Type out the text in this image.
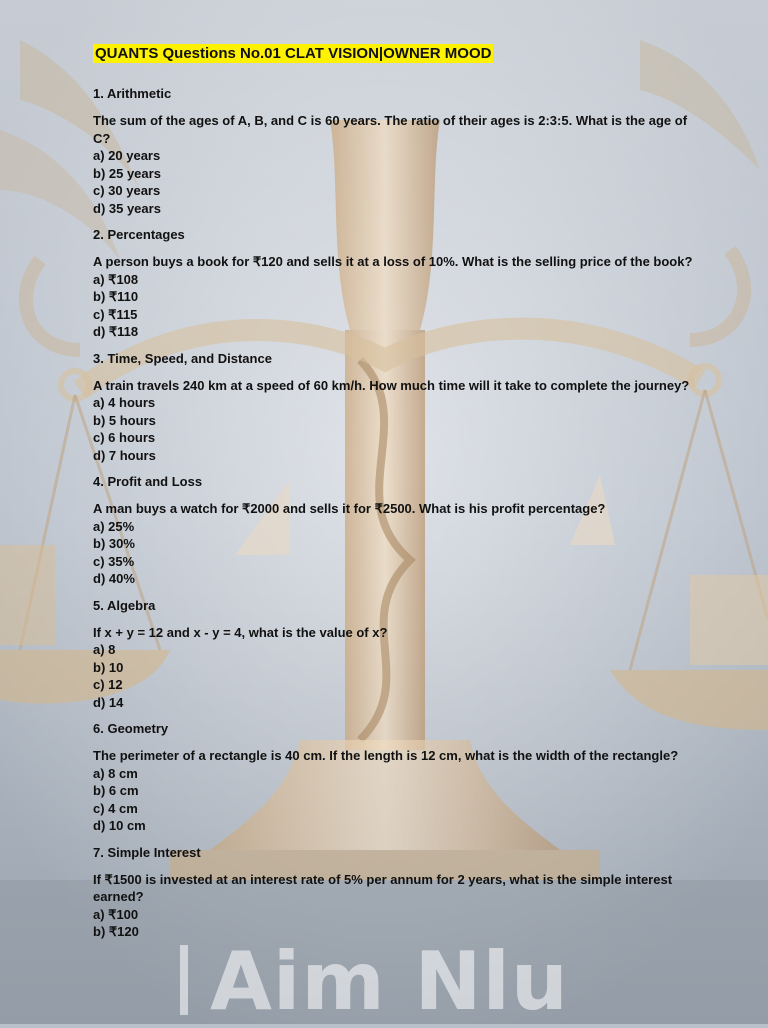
QUANTS Questions No.01 CLAT VISION|OWNER MOOD
1. Arithmetic
The sum of the ages of A, B, and C is 60 years. The ratio of their ages is 2:3:5. What is the age of C?
a) 20 years
b) 25 years
c) 30 years
d) 35 years
2. Percentages
A person buys a book for ₹120 and sells it at a loss of 10%. What is the selling price of the book?
a) ₹108
b) ₹110
c) ₹115
d) ₹118
3. Time, Speed, and Distance
A train travels 240 km at a speed of 60 km/h. How much time will it take to complete the journey?
a) 4 hours
b) 5 hours
c) 6 hours
d) 7 hours
4. Profit and Loss
A man buys a watch for ₹2000 and sells it for ₹2500. What is his profit percentage?
a) 25%
b) 30%
c) 35%
d) 40%
5. Algebra
If x + y = 12 and x - y = 4, what is the value of x?
a) 8
b) 10
c) 12
d) 14
6. Geometry
The perimeter of a rectangle is 40 cm. If the length is 12 cm, what is the width of the rectangle?
a) 8 cm
b) 6 cm
c) 4 cm
d) 10 cm
7. Simple Interest
If ₹1500 is invested at an interest rate of 5% per annum for 2 years, what is the simple interest earned?
a) ₹100
b) ₹120
Aim Nlu
